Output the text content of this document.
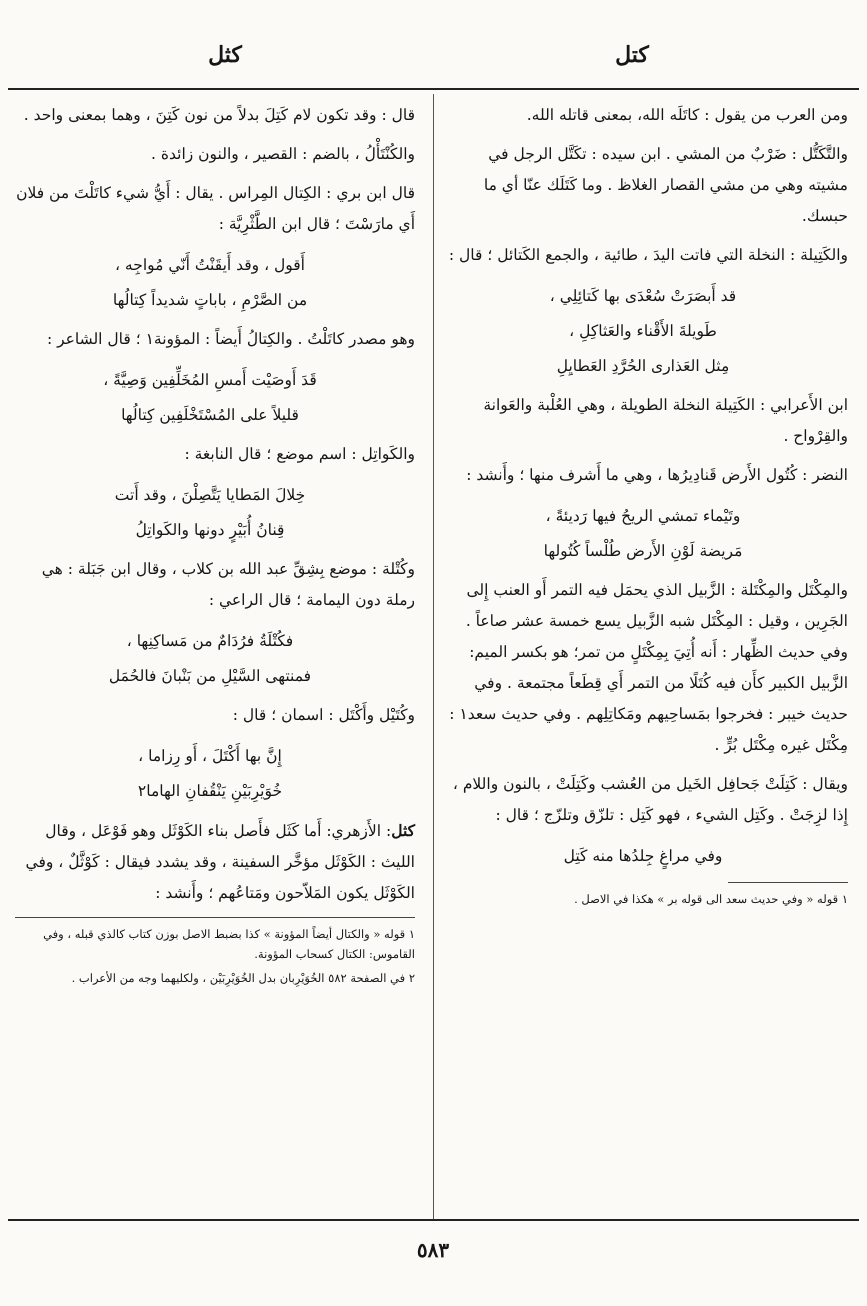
كتل
كثل

ومن العرب من يقول : كاتَلَه الله، بمعنى قاتله الله.

والتَّكَتُّل : ضَرْبٌ من المشي . ابن سيده : تكَتَّل الرجل في مشيته وهي من مشي القصار الغلاظ . وما كَتَلَك عنّا أي ما حبسك.

والكَتِيلة : النخلة التي فاتت اليدَ ، طائية ، والجمع الكَتائل ؛ قال :

قد أَبصَرَتْ سُعْدَى بها كَتائِلِي ،
طَويلةَ الأَقْناء والعَثاكِلِ ،
مِثل العَذارى الحُرَّدِ العَطايِلِ

ابن الأَعرابي : الكَتِيلة النخلة الطويلة ، وهي العُلْبة والعَوانة والقِرْواح .

النضر : كُتُول الأَرض قَنادِيرُها ، وهي ما أَشرف منها ؛ وأَنشد :

وتَيْماء تمشي الريحُ فيها رَديئةً ،
مَريضة لَوْنِ الأَرض طُلْساً كُتُولها

والمِكْتَل والمِكْتَلة : الزَّبيل الذي يحمَل فيه التمر أَو العنب إِلى الجَرِين ، وقيل : المِكْتَل شبه الزَّبيل يسع خمسة عشر صاعاً . وفي حديث الظِّهار : أَنه أُتِيَ بِمِكْتَلٍ من تمر؛ هو بكسر الميم: الزَّبيل الكبير كأَن فيه كُتَلًا من التمر أَي قِطَعاً مجتمعة . وفي حديث خيبر : فخرجوا بمَساحِيهم ومَكاتِلِهم . وفي حديث سعد١ : مِكْتَل غيره مِكْتَل بُرٍّ .

ويقال : كَتِلَتْ جَحافِل الخَيل من العُشب وكَتِلَتْ ، بالنون واللام ، إِذا لزِجَتْ . وكَتِل الشيء ، فهو كَتِل : تلزّق وتلزّج ؛ قال :

وفي مراغٍ جِلدُها منه كَتِل

١ قوله « وفي حديث سعد الى قوله بر » هكذا في الاصل .

قال : وقد تكون لام كَتِلَ بدلاً من نون كَتِنَ ، وهما بمعنى واحد .

والكُنْتَأْلُ ، بالضم : القصير ، والنون زائدة .

قال ابن بري : الكِتال المِراس . يقال : أَيُّ شيء كاتَلْتَ من فلان أَي مارَسْتَ ؛ قال ابن الطَّثْرِيَّة :

أَقول ، وقد أَيقَنْتُ أَنّي مُواجِه ،
من الصَّرْمِ ، باباتٍ شديداً كِتالُها

وهو مصدر كاتَلْتُ . والكِتالُ أَيضاً : المؤونة١ ؛ قال الشاعر :

قَدَ أَوصَيْت أَمسِ المُخَلِّفِين وَصِيَّةً ،
قليلاً على المُسْتَخْلَفِين كِتالُها

والكَواتِل : اسم موضع ؛ قال النابغة :

خِلالَ المَطايا يَتَّصِلْنَ ، وقد أَتت
قِنانُ أُبَيْرٍ دونها والكَواتِلُ

وكُتْلة : موضع بِشِقِّ عبد الله بن كلاب ، وقال ابن جَبَلة : هي رملة دون اليمامة ؛ قال الراعي :

فكُتْلَةُ فرُدَامٌ من مَساكِنِها ،
فمنتهى السَّيْلِ من بَنْبانَ فالحُمَل

وكُتَيْل وأَكْتَل : اسمان ؛ قال :

إِنَّ بها أَكْتَلَ ، أَو رِزاما ،
خُوَيْرِبَيْنِ يَنْقُفانِ الهاما٢

كثل: الأَزهري: أَما كَثَل فأَصل بناء الكَوْثَل وهو فَوْعَل ، وقال الليث : الكَوْثَل مؤخَّر السفينة ، وقد يشدد فيقال : كَوْثَّلٌ ، وفي الكَوْثَل يكون المَلاّحون ومَتاعُهم ؛ وأَنشد :

١ قوله « والكتال أيضاً المؤونة » كذا بضبط الاصل بوزن كتاب كالذي قبله ، وفي القاموس: الكتال كسحاب المؤونة.

٢ في الصفحة ٥٨٢ الخُوَيْرِبان بدل الخُوَيْرِبَيْن ، ولكليهما وجه من الأعراب .

٥٨٣
